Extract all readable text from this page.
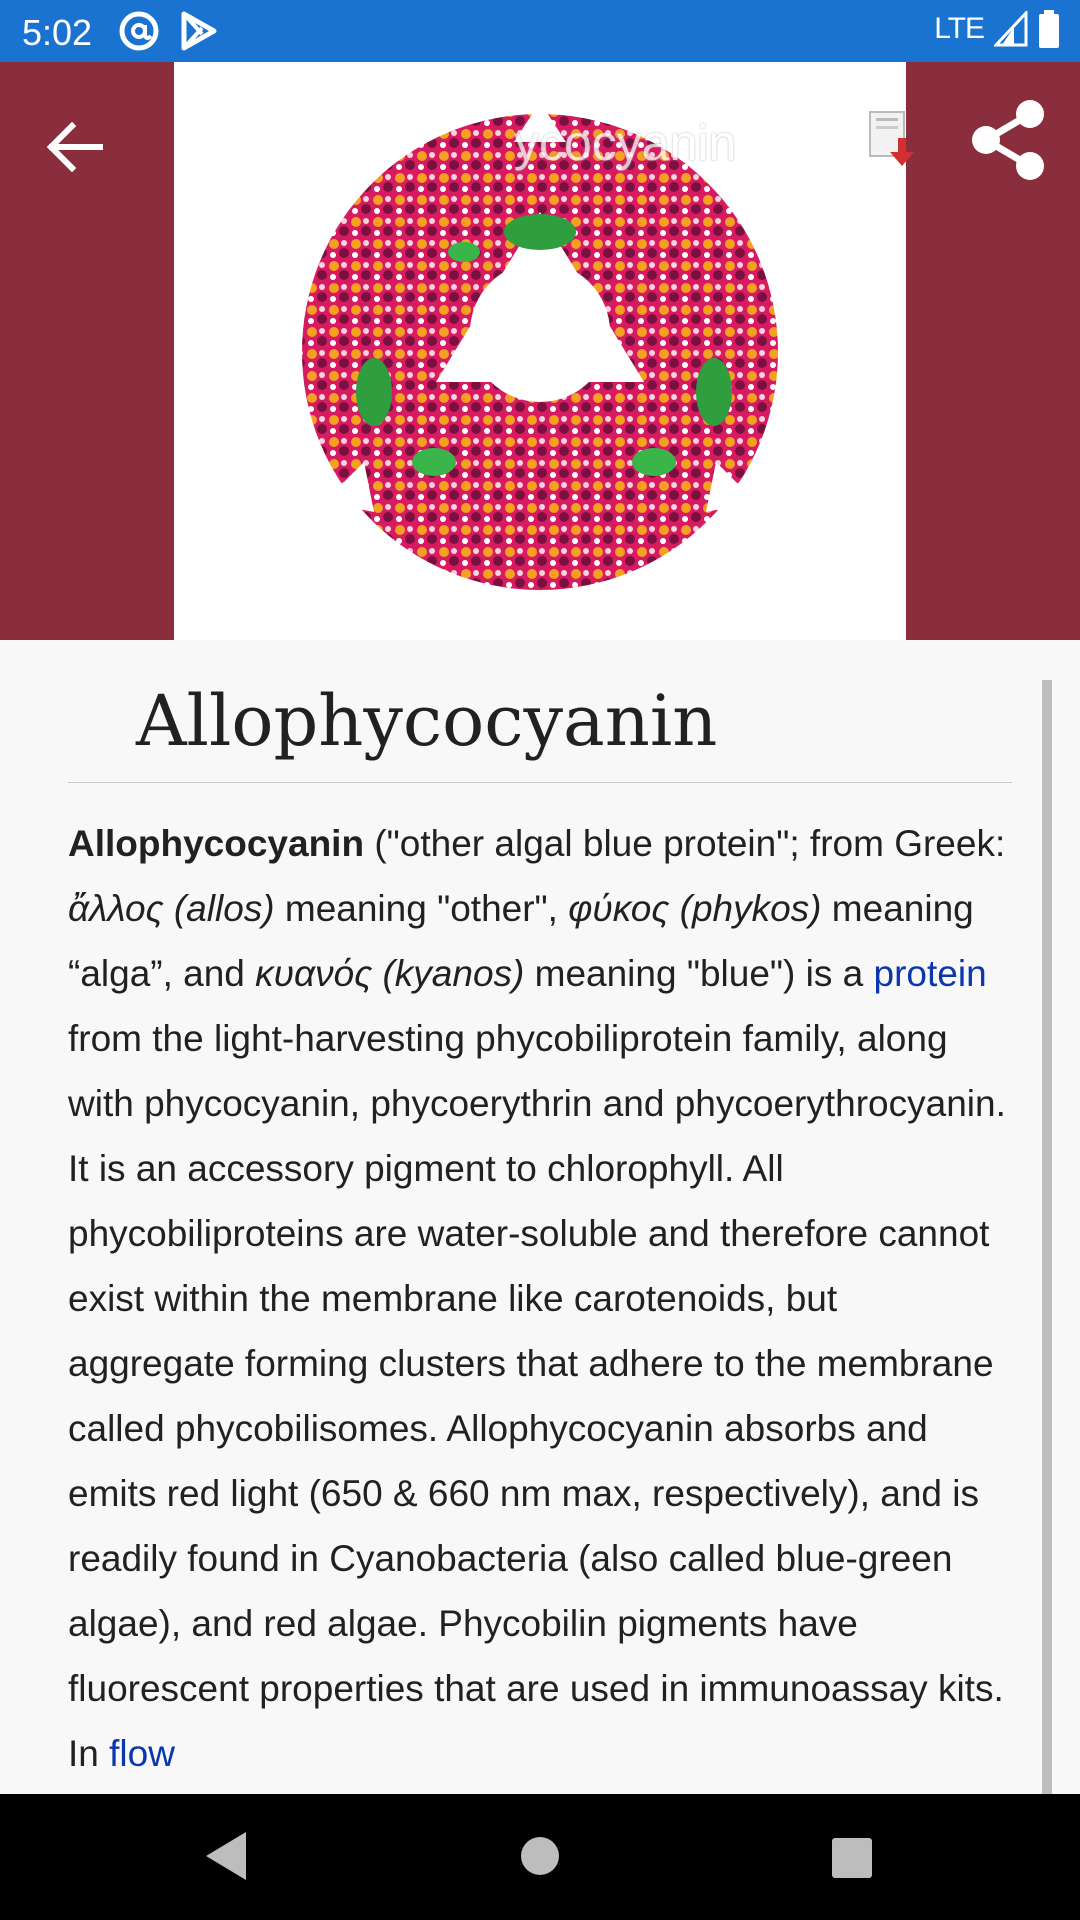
5:02	LTE
ycocyanin
Allophycocyanin
Allophycocyanin ("other algal blue protein"; from Greek: ἄλλος (allos) meaning "other", φύκος (phykos) meaning “alga”, and κυανός (kyanos) meaning "blue") is a protein from the light-harvesting phycobiliprotein family, along with phycocyanin, phycoerythrin and phycoerythrocyanin. It is an accessory pigment to chlorophyll. All phycobiliproteins are water-soluble and therefore cannot exist within the membrane like carotenoids, but aggregate forming clusters that adhere to the membrane called phycobilisomes. Allophycocyanin absorbs and emits red light (650 & 660 nm max, respectively), and is readily found in Cyanobacteria (also called blue-green algae), and red algae. Phycobilin pigments have fluorescent properties that are used in immunoassay kits. In flow
